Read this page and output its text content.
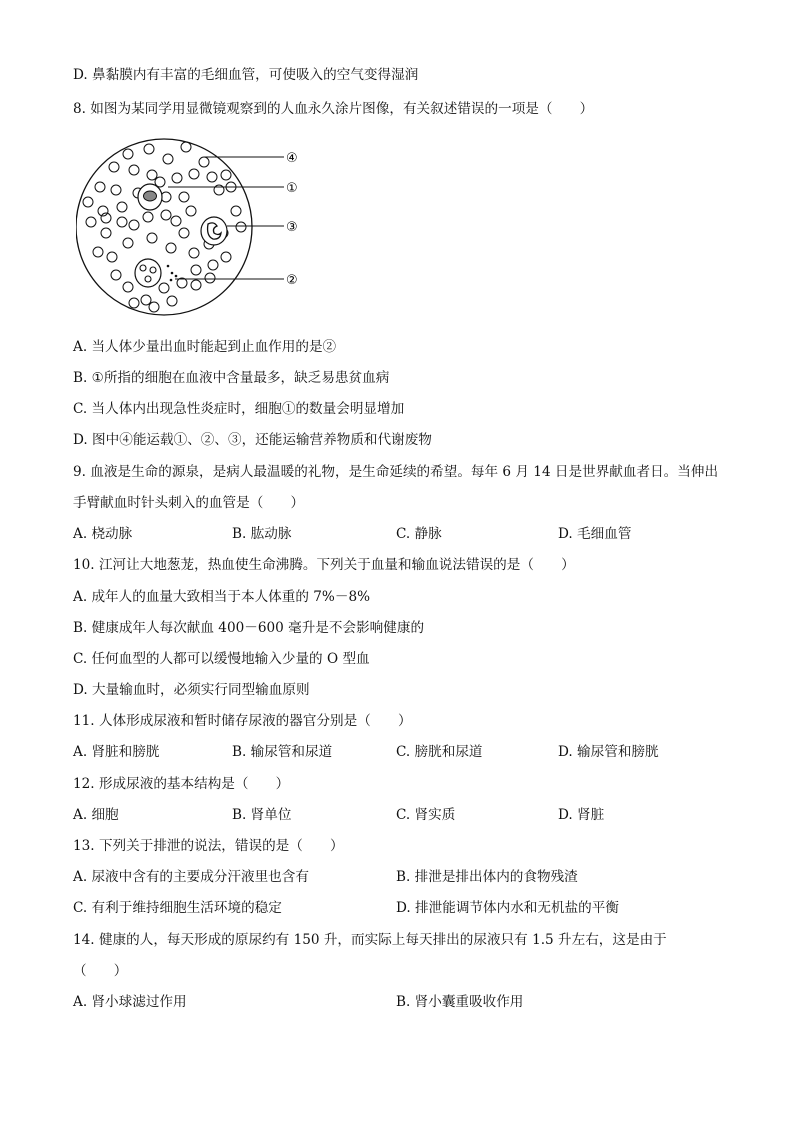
D. 鼻黏膜内有丰富的毛细血管，可使吸入的空气变得湿润
8. 如图为某同学用显微镜观察到的人血永久涂片图像，有关叙述错误的一项是（　　）
④
①
③
②
A. 当人体少量出血时能起到止血作用的是②
B. ①所指的细胞在血液中含量最多，缺乏易患贫血病
C. 当人体内出现急性炎症时，细胞①的数量会明显增加
D. 图中④能运载①、②、③，还能运输营养物质和代谢废物
9. 血液是生命的源泉，是病人最温暖的礼物，是生命延续的希望。每年 6 月 14 日是世界献血者日。当伸出
手臂献血时针头刺入的血管是（　　）
A. 桡动脉	B. 肱动脉	C. 静脉	D. 毛细血管
10. 江河让大地葱茏，热血使生命沸腾。下列关于血量和输血说法错误的是（　　）
A. 成年人的血量大致相当于本人体重的 7%－8%
B. 健康成年人每次献血 400－600 毫升是不会影响健康的
C. 任何血型的人都可以缓慢地输入少量的 O 型血
D. 大量输血时，必须实行同型输血原则
11. 人体形成尿液和暂时储存尿液的器官分别是（　　）
A. 肾脏和膀胱	B. 输尿管和尿道	C. 膀胱和尿道	D. 输尿管和膀胱
12. 形成尿液的基本结构是（　　）
A. 细胞	B. 肾单位	C. 肾实质	D. 肾脏
13. 下列关于排泄的说法，错误的是（　　）
A. 尿液中含有的主要成分汗液里也含有	B. 排泄是排出体内的食物残渣
C. 有利于维持细胞生活环境的稳定	D. 排泄能调节体内水和无机盐的平衡
14. 健康的人，每天形成的原尿约有 150 升，而实际上每天排出的尿液只有 1.5 升左右，这是由于
（　　）
A. 肾小球滤过作用	B. 肾小囊重吸收作用
